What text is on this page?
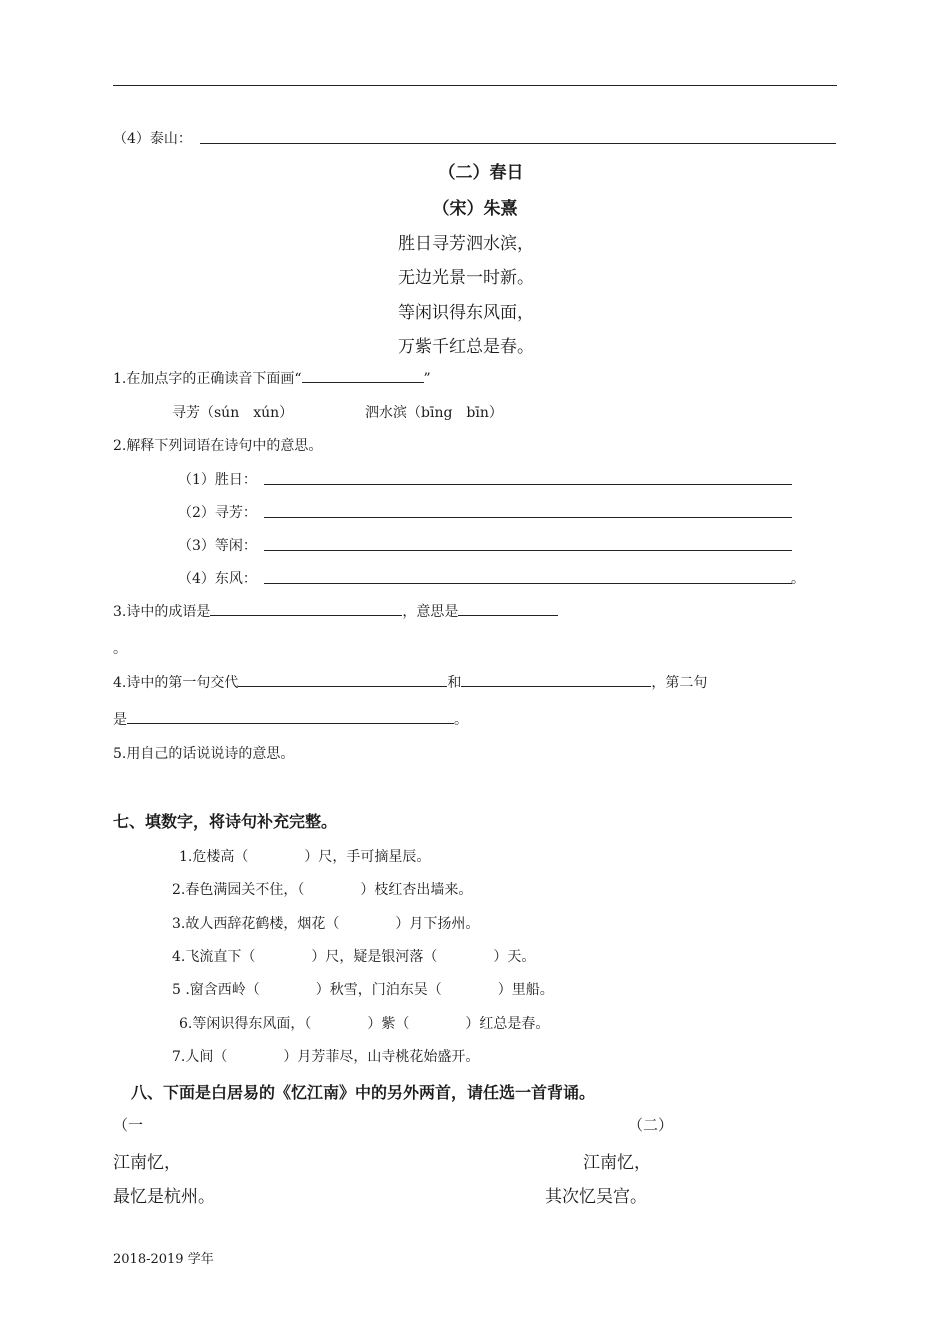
（4）泰山：
（二）春日
（宋）朱熹
胜日寻芳泗水滨，
无边光景一时新。
等闲识得东风面，
万紫千红总是春。
1.在加点字的正确读音下面画“	”
寻芳（sún　xún）	泗水滨（bīng　bīn）
2.解释下列词语在诗句中的意思。
（1）胜日：
（2）寻芳：
（3）等闲：
（4）东风：	。
3.诗中的成语是	，意思是
。
4.诗中的第一句交代	和	，第二句
是	。
5.用自己的话说说诗的意思。
七、填数字，将诗句补充完整。
1.危楼高（　　　　）尺，手可摘星辰。
2.春色满园关不住，（　　　　）枝红杏出墙来。
3.故人西辞花鹤楼，烟花（　　　　）月下扬州。
4.飞流直下（　　　　）尺，疑是银河落（　　　　）天。
5 .窗含西岭（　　　　）秋雪，门泊东吴（　　　　）里船。
6.等闲识得东风面，（　　　　）紫（　　　　）红总是春。
7.人间（　　　　）月芳菲尽，山寺桃花始盛开。
八、下面是白居易的《忆江南》中的另外两首，请任选一首背诵。
（一	（二）
江南忆，	江南忆，
最忆是杭州。	其次忆吴宫。
2018-2019 学年
